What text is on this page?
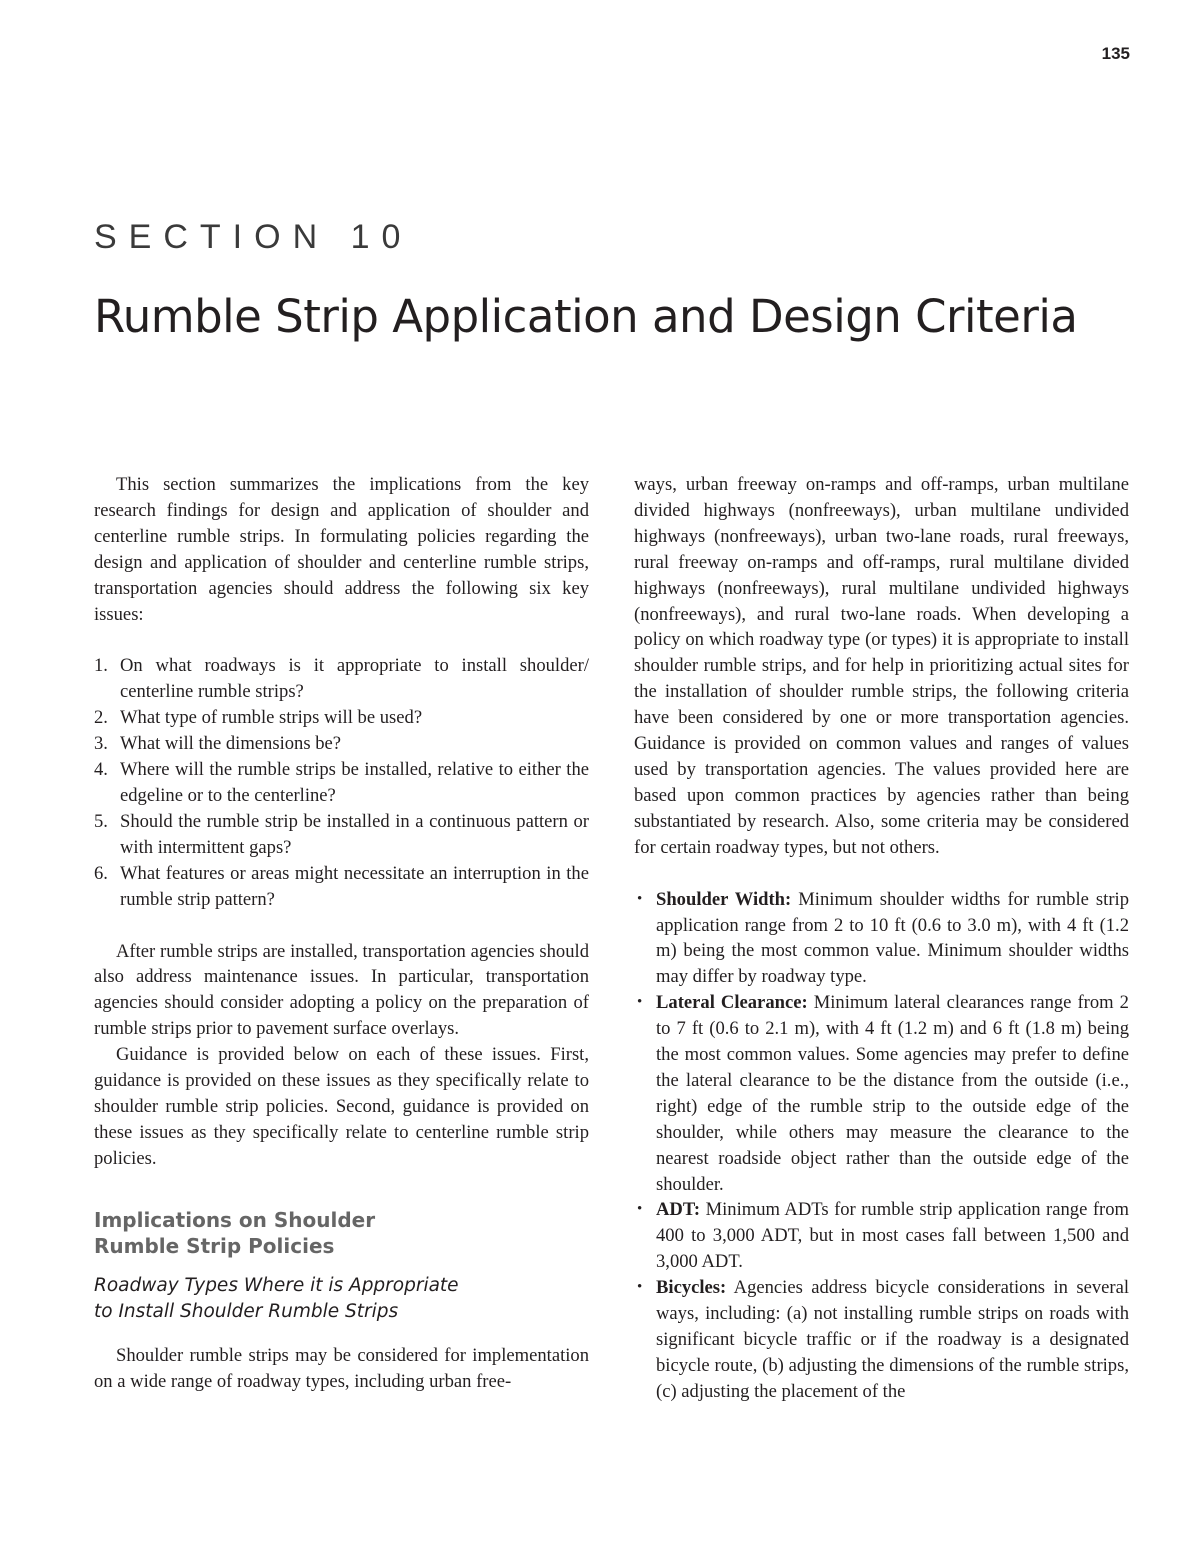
135
SECTION 10
Rumble Strip Application and Design Criteria

This section summarizes the implications from the key research findings for design and application of shoulder and centerline rumble strips. In formulating policies regarding the design and application of shoulder and centerline rumble strips, transportation agencies should address the following six key issues:

1. On what roadways is it appropriate to install shoulder/ centerline rumble strips?
2. What type of rumble strips will be used?
3. What will the dimensions be?
4. Where will the rumble strips be installed, relative to either the edgeline or to the centerline?
5. Should the rumble strip be installed in a continuous pattern or with intermittent gaps?
6. What features or areas might necessitate an interruption in the rumble strip pattern?

After rumble strips are installed, transportation agencies should also address maintenance issues. In particular, transportation agencies should consider adopting a policy on the preparation of rumble strips prior to pavement surface overlays.

Guidance is provided below on each of these issues. First, guidance is provided on these issues as they specifically relate to shoulder rumble strip policies. Second, guidance is provided on these issues as they specifically relate to centerline rumble strip policies.

Implications on Shoulder
Rumble Strip Policies
Roadway Types Where it is Appropriate
to Install Shoulder Rumble Strips

Shoulder rumble strips may be considered for implementation on a wide range of roadway types, including urban free-

ways, urban freeway on-ramps and off-ramps, urban multilane divided highways (nonfreeways), urban multilane undivided highways (nonfreeways), urban two-lane roads, rural freeways, rural freeway on-ramps and off-ramps, rural multilane divided highways (nonfreeways), rural multilane undivided highways (nonfreeways), and rural two-lane roads. When developing a policy on which roadway type (or types) it is appropriate to install shoulder rumble strips, and for help in prioritizing actual sites for the installation of shoulder rumble strips, the following criteria have been considered by one or more transportation agencies. Guidance is provided on common values and ranges of values used by transportation agencies. The values provided here are based upon common practices by agencies rather than being substantiated by research. Also, some criteria may be considered for certain roadway types, but not others.

• Shoulder Width: Minimum shoulder widths for rumble strip application range from 2 to 10 ft (0.6 to 3.0 m), with 4 ft (1.2 m) being the most common value. Minimum shoulder widths may differ by roadway type.
• Lateral Clearance: Minimum lateral clearances range from 2 to 7 ft (0.6 to 2.1 m), with 4 ft (1.2 m) and 6 ft (1.8 m) being the most common values. Some agencies may prefer to define the lateral clearance to be the distance from the outside (i.e., right) edge of the rumble strip to the outside edge of the shoulder, while others may measure the clearance to the nearest roadside object rather than the outside edge of the shoulder.
• ADT: Minimum ADTs for rumble strip application range from 400 to 3,000 ADT, but in most cases fall between 1,500 and 3,000 ADT.
• Bicycles: Agencies address bicycle considerations in several ways, including: (a) not installing rumble strips on roads with significant bicycle traffic or if the roadway is a designated bicycle route, (b) adjusting the dimensions of the rumble strips, (c) adjusting the placement of the
